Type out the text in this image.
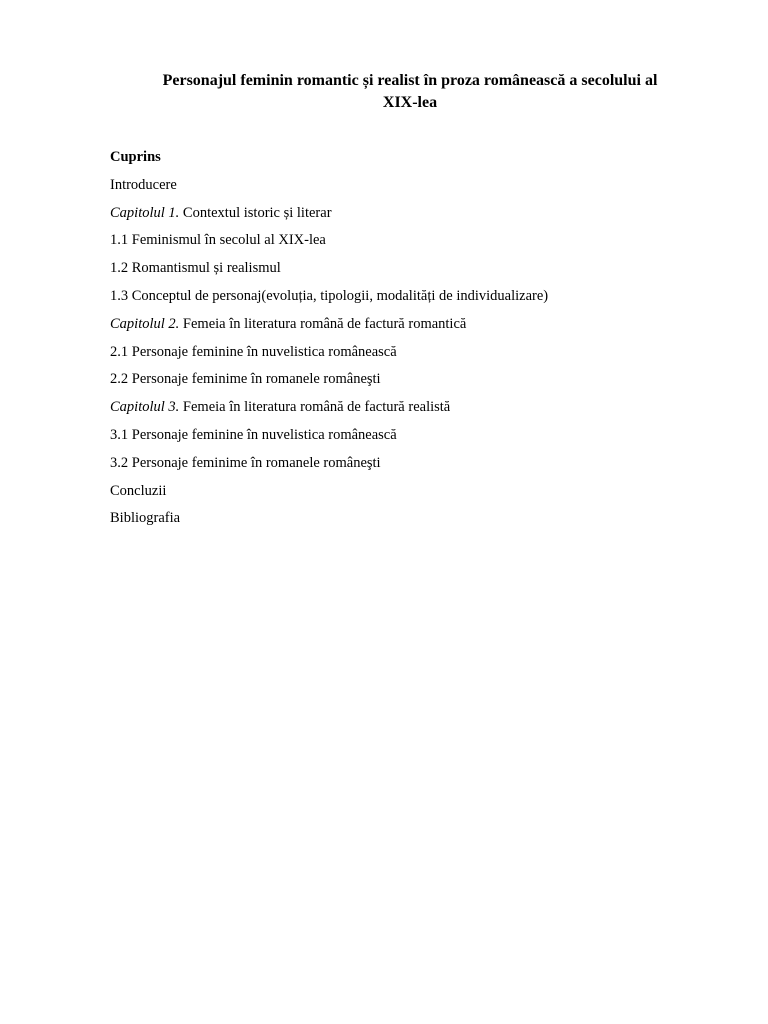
Personajul feminin romantic și realist în proza românească a secolului al
XIX-lea
Cuprins
Introducere
Capitolul 1. Contextul istoric și literar
1.1 Feminismul în secolul al XIX-lea
1.2 Romantismul și realismul
1.3 Conceptul de personaj(evoluția, tipologii, modalități de individualizare)
Capitolul 2. Femeia în literatura română de factură romantică
2.1 Personaje feminine în nuvelistica românească
2.2 Personaje feminime în romanele româneşti
Capitolul 3. Femeia în literatura română de factură realistă
3.1 Personaje feminine în nuvelistica românească
3.2 Personaje feminime în romanele româneşti
Concluzii
Bibliografia
